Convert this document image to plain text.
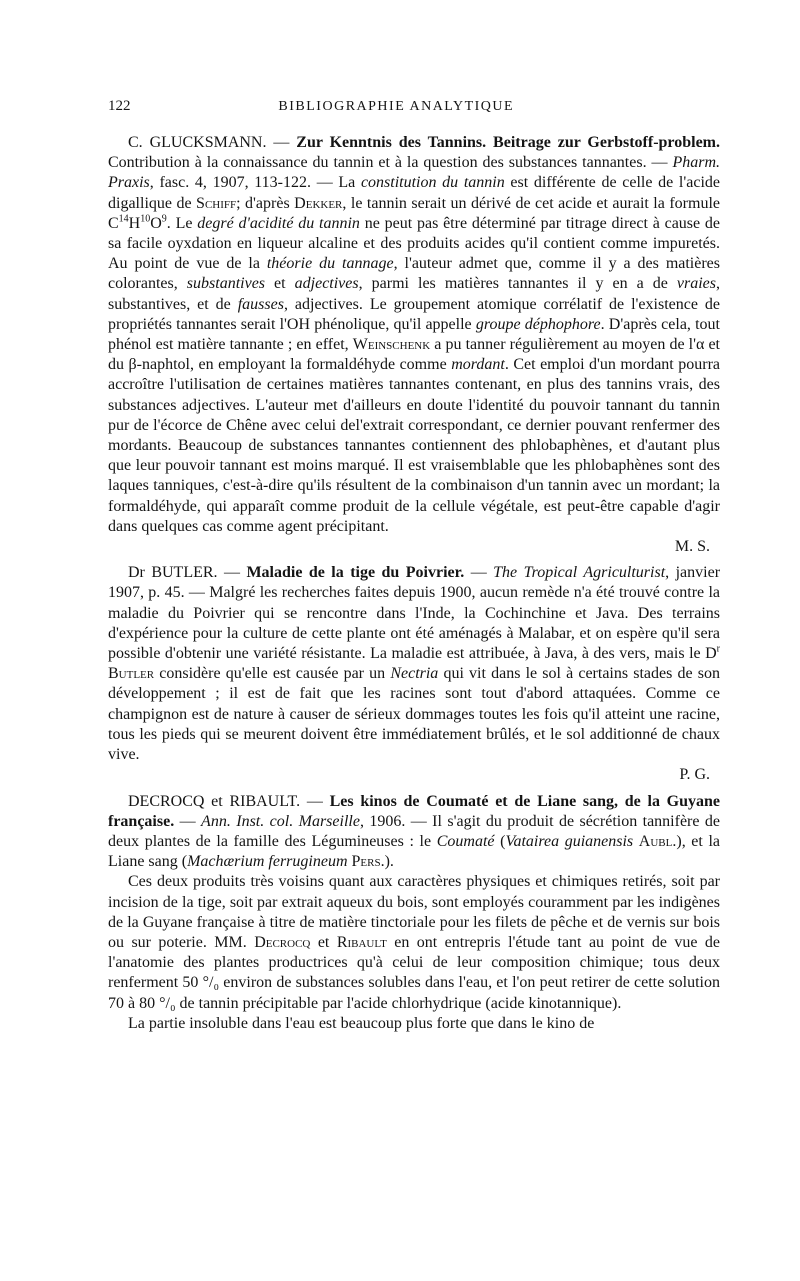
122	BIBLIOGRAPHIE ANALYTIQUE

C. GLUCKSMANN. — Zur Kenntnis des Tannins. Beitrage zur Gerbstoff-problem. Contribution à la connaissance du tannin et à la question des substances tannantes. — Pharm. Praxis, fasc. 4, 1907, 113-122. — La constitution du tannin est différente de celle de l'acide digallique de Schiff; d'après Dekker, le tannin serait un dérivé de cet acide et aurait la formule $C^{14}H^{10}O^9$. Le degré d'acidité du tannin ne peut pas être déterminé par titrage direct à cause de sa facile oyxdation en liqueur alcaline et des produits acides qu'il contient comme impuretés. Au point de vue de la théorie du tannage, l'auteur admet que, comme il y a des matières colorantes, substantives et adjectives, parmi les matières tannantes il y en a de vraies, substantives, et de fausses, adjectives. Le groupement atomique corrélatif de l'existence de propriétés tannantes serait l'OH phénolique, qu'il appelle groupe déphophore. D'après cela, tout phénol est matière tannante ; en effet, Weinschenk a pu tanner régulièrement au moyen de l'α et du β-naphtol, en employant la formaldéhyde comme mordant. Cet emploi d'un mordant pourra accroître l'utilisation de certaines matières tannantes contenant, en plus des tannins vrais, des substances adjectives. L'auteur met d'ailleurs en doute l'identité du pouvoir tannant du tannin pur de l'écorce de Chêne avec celui del'extrait correspondant, ce dernier pouvant renfermer des mordants. Beaucoup de substances tannantes contiennent des phlobaphènes, et d'autant plus que leur pouvoir tannant est moins marqué. Il est vraisemblable que les phlobaphènes sont des laques tanniques, c'est-à-dire qu'ils résultent de la combinaison d'un tannin avec un mordant; la formaldéhyde, qui apparaît comme produit de la cellule végétale, est peut-être capable d'agir dans quelques cas comme agent précipitant.

M. S.

Dr BUTLER. — Maladie de la tige du Poivrier. — The Tropical Agriculturist, janvier 1907, p. 45. — Malgré les recherches faites depuis 1900, aucun remède n'a été trouvé contre la maladie du Poivrier qui se rencontre dans l'Inde, la Cochinchine et Java. Des terrains d'expérience pour la culture de cette plante ont été aménagés à Malabar, et on espère qu'il sera possible d'obtenir une variété résistante. La maladie est attribuée, à Java, à des vers, mais le $D^r$ Butler considère qu'elle est causée par un Nectria qui vit dans le sol à certains stades de son développement ; il est de fait que les racines sont tout d'abord attaquées. Comme ce champignon est de nature à causer de sérieux dommages toutes les fois qu'il atteint une racine, tous les pieds qui se meurent doivent être immédiatement brûlés, et le sol additionné de chaux vive.

P. G.

DECROCQ et RIBAULT. — Les kinos de Coumaté et de Liane sang, de la Guyane française. — Ann. Inst. col. Marseille, 1906. — Il s'agit du produit de sécrétion tannifère de deux plantes de la famille des Légumineuses : le Coumaté (Vatairea guianensis Aubl.), et la Liane sang (Machærium ferrugineum Pers.).

Ces deux produits très voisins quant aux caractères physiques et chimiques retirés, soit par incision de la tige, soit par extrait aqueux du bois, sont employés couramment par les indigènes de la Guyane française à titre de matière tinctoriale pour les filets de pêche et de vernis sur bois ou sur poterie. MM. Decrocq et Ribault en ont entrepris l'étude tant au point de vue de l'anatomie des plantes productrices qu'à celui de leur composition chimique; tous deux renferment 50 °/₀ environ de substances solubles dans l'eau, et l'on peut retirer de cette solution 70 à 80 °/₀ de tannin précipitable par l'acide chlorhydrique (acide kinotannique).

La partie insoluble dans l'eau est beaucoup plus forte que dans le kino de
